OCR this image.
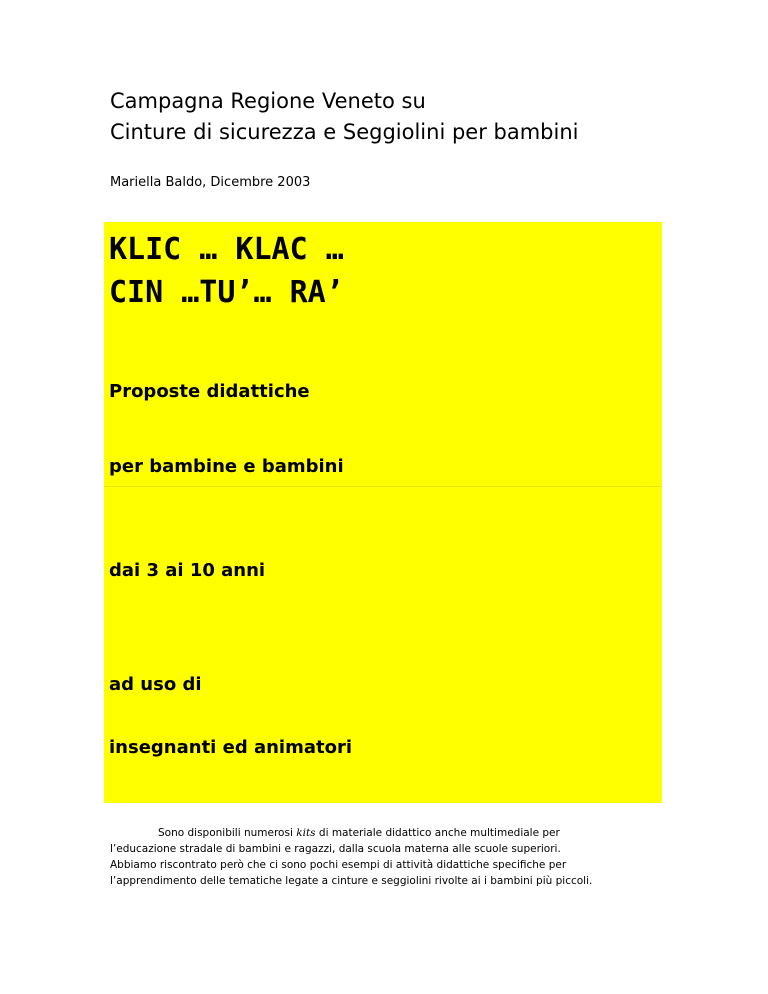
Campagna Regione Veneto su
Cinture di sicurezza e Seggiolini per bambini
Mariella Baldo, Dicembre 2003
KLIC … KLAC …
CIN …TU’… RA’
Proposte didattiche
per bambine e bambini
dai 3 ai 10 anni
ad uso di
insegnanti ed animatori

Sono disponibili numerosi kits di materiale didattico anche multimediale per

l’educazione stradale di bambini e ragazzi, dalla scuola materna alle scuole superiori.

Abbiamo riscontrato però che ci sono pochi esempi di attività didattiche specifiche per

l’apprendimento delle tematiche legate a cinture e seggiolini rivolte ai i bambini più piccoli.
